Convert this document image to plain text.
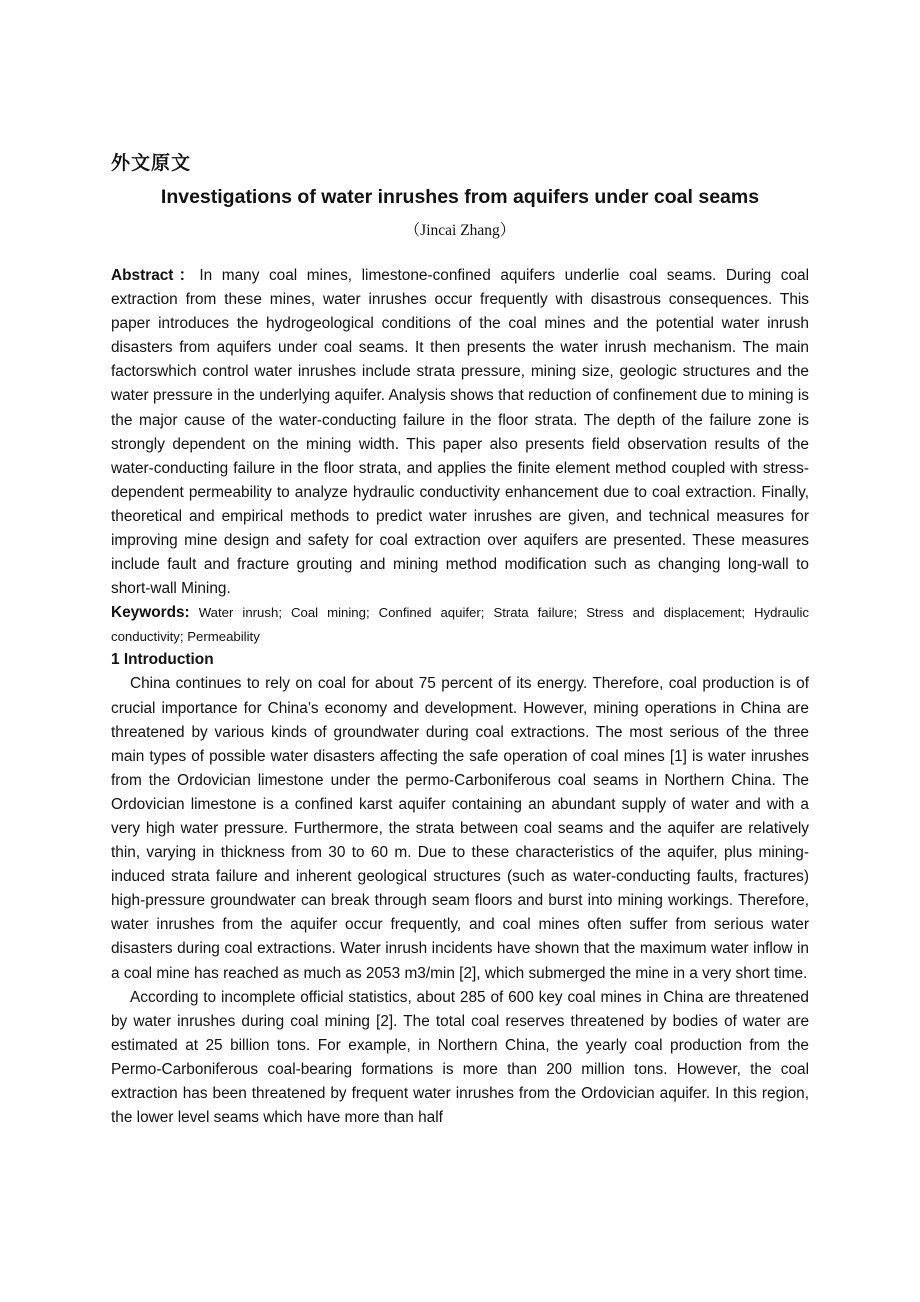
外文原文
Investigations of water inrushes from aquifers under coal seams
（Jincai Zhang）

Abstract：In many coal mines, limestone-confined aquifers underlie coal seams. During coal extraction from these mines, water inrushes occur frequently with disastrous consequences. This paper introduces the hydrogeological conditions of the coal mines and the potential water inrush disasters from aquifers under coal seams. It then presents the water inrush mechanism. The main factorswhich control water inrushes include strata pressure, mining size, geologic structures and the water pressure in the underlying aquifer. Analysis shows that reduction of confinement due to mining is the major cause of the water-conducting failure in the floor strata. The depth of the failure zone is strongly dependent on the mining width. This paper also presents field observation results of the water-conducting failure in the floor strata, and applies the finite element method coupled with stress-dependent permeability to analyze hydraulic conductivity enhancement due to coal extraction. Finally, theoretical and empirical methods to predict water inrushes are given, and technical measures for improving mine design and safety for coal extraction over aquifers are presented. These measures include fault and fracture grouting and mining method modification such as changing long-wall to short-wall Mining.

Keywords: Water inrush; Coal mining; Confined aquifer; Strata failure; Stress and displacement; Hydraulic conductivity; Permeability

1 Introduction

China continues to rely on coal for about 75 percent of its energy. Therefore, coal production is of crucial importance for China’s economy and development. However, mining operations in China are threatened by various kinds of groundwater during coal extractions. The most serious of the three main types of possible water disasters affecting the safe operation of coal mines [1] is water inrushes from the Ordovician limestone under the permo-Carboniferous coal seams in Northern China. The Ordovician limestone is a confined karst aquifer containing an abundant supply of water and with a very high water pressure. Furthermore, the strata between coal seams and the aquifer are relatively thin, varying in thickness from 30 to 60 m. Due to these characteristics of the aquifer, plus mining-induced strata failure and inherent geological structures (such as water-conducting faults, fractures) high-pressure groundwater can break through seam floors and burst into mining workings. Therefore, water inrushes from the aquifer occur frequently, and coal mines often suffer from serious water disasters during coal extractions. Water inrush incidents have shown that the maximum water inflow in a coal mine has reached as much as 2053 m3/min [2], which submerged the mine in a very short time.

According to incomplete official statistics, about 285 of 600 key coal mines in China are threatened by water inrushes during coal mining [2]. The total coal reserves threatened by bodies of water are estimated at 25 billion tons. For example, in Northern China, the yearly coal production from the Permo-Carboniferous coal-bearing formations is more than 200 million tons. However, the coal extraction has been threatened by frequent water inrushes from the Ordovician aquifer. In this region, the lower level seams which have more than half
